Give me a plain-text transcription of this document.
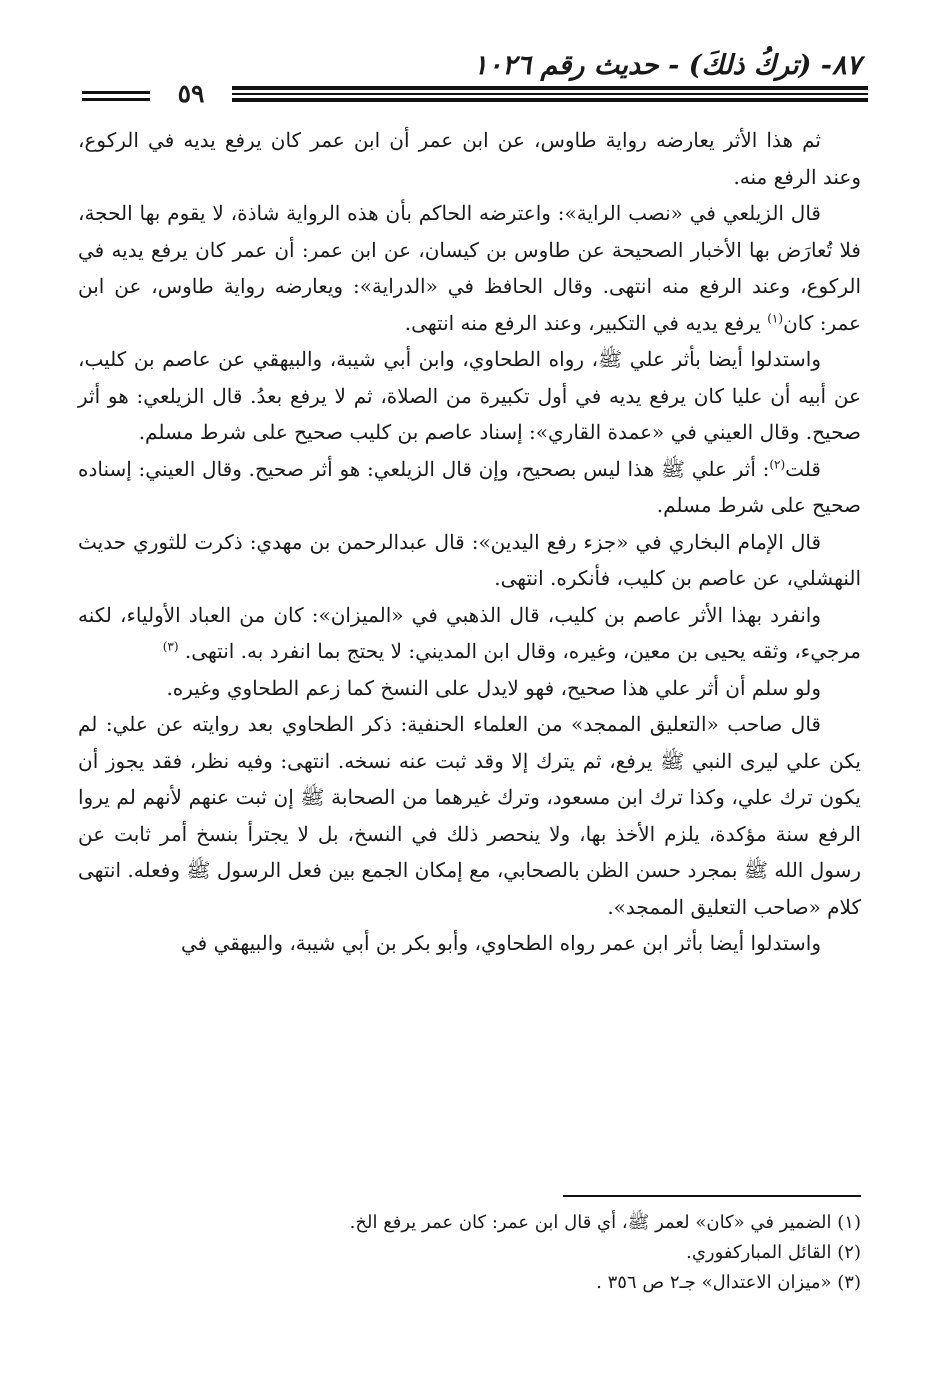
٨٧- (تركُ ذلكَ) - حديث رقم ١٠٢٦
٥٩

ثم هذا الأثر يعارضه رواية طاوس، عن ابن عمر أن ابن عمر كان يرفع يديه في الركوع، وعند الرفع منه.

قال الزيلعي في «نصب الراية»: واعترضه الحاكم بأن هذه الرواية شاذة، لا يقوم بها الحجة، فلا تُعارَض بها الأخبار الصحيحة عن طاوس بن كيسان، عن ابن عمر: أن عمر كان يرفع يديه في الركوع، وعند الرفع منه انتهى. وقال الحافظ في «الدراية»: ويعارضه رواية طاوس، عن ابن عمر: كان$^{(١)}$ يرفع يديه في التكبير، وعند الرفع منه انتهى.

واستدلوا أيضا بأثر علي ﷺ، رواه الطحاوي، وابن أبي شيبة، والبيهقي عن عاصم بن كليب، عن أبيه أن عليا كان يرفع يديه في أول تكبيرة من الصلاة، ثم لا يرفع بعدُ. قال الزيلعي: هو أثر صحيح. وقال العيني في «عمدة القاري»: إسناد عاصم بن كليب صحيح على شرط مسلم.

قلت$^{(٢)}$: أثر علي ﷺ هذا ليس بصحيح، وإن قال الزيلعي: هو أثر صحيح. وقال العيني: إسناده صحيح على شرط مسلم.

قال الإمام البخاري في «جزء رفع اليدين»: قال عبدالرحمن بن مهدي: ذكرت للثوري حديث النهشلي، عن عاصم بن كليب، فأنكره. انتهى.

وانفرد بهذا الأثر عاصم بن كليب، قال الذهبي في «الميزان»: كان من العباد الأولياء، لكنه مرجيء، وثقه يحيى بن معين، وغيره، وقال ابن المديني: لا يحتج بما انفرد به. انتهى. $^{(٣)}$

ولو سلم أن أثر علي هذا صحيح، فهو لايدل على النسخ كما زعم الطحاوي وغيره.

قال صاحب «التعليق الممجد» من العلماء الحنفية: ذكر الطحاوي بعد روايته عن علي: لم يكن علي ليرى النبي ﷺ يرفع، ثم يترك إلا وقد ثبت عنه نسخه. انتهى: وفيه نظر، فقد يجوز أن يكون ترك علي، وكذا ترك ابن مسعود، وترك غيرهما من الصحابة ﷺ إن ثبت عنهم لأنهم لم يروا الرفع سنة مؤكدة، يلزم الأخذ بها، ولا ينحصر ذلك في النسخ، بل لا يجترأ بنسخ أمر ثابت عن رسول الله ﷺ بمجرد حسن الظن بالصحابي، مع إمكان الجمع بين فعل الرسول ﷺ وفعله. انتهى كلام «صاحب التعليق الممجد».

واستدلوا أيضا بأثر ابن عمر رواه الطحاوي، وأبو بكر بن أبي شيبة، والبيهقي في

(١) الضمير في «كان» لعمر ﷺ، أي قال ابن عمر: كان عمر يرفع الخ.
(٢) القائل المباركفوري.
(٣) «ميزان الاعتدال» جـ٢ ص ٣٥٦ .
